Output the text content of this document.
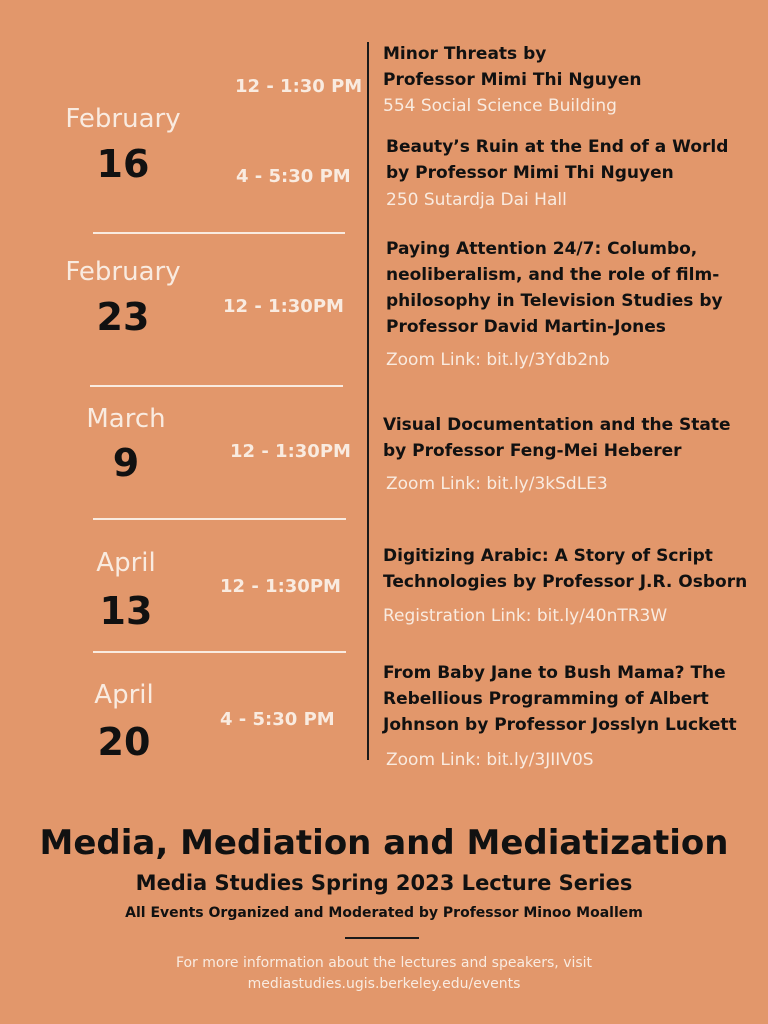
February
16
February
23
March
9
April
13
April
20
12 - 1:30 PM
4 - 5:30 PM
12 - 1:30PM
12 - 1:30PM
12 - 1:30PM
4 - 5:30 PM
Minor Threats by
Professor Mimi Thi Nguyen
554 Social Science Building
Beauty’s Ruin at the End of a World
by Professor Mimi Thi Nguyen
250 Sutardja Dai Hall
Paying Attention 24/7: Columbo,
neoliberalism, and the role of film-
philosophy in Television Studies by
Professor David Martin-Jones
Zoom Link: bit.ly/3Ydb2nb
Visual Documentation and the State
by Professor Feng-Mei Heberer
Zoom Link: bit.ly/3kSdLE3
Digitizing Arabic: A Story of Script
Technologies by Professor J.R. Osborn
Registration Link: bit.ly/40nTR3W
From Baby Jane to Bush Mama? The
Rebellious Programming of Albert
Johnson by Professor Josslyn Luckett
Zoom Link: bit.ly/3JIIV0S
Media, Mediation and Mediatization
Media Studies Spring 2023 Lecture Series
All Events Organized and Moderated by Professor Minoo Moallem
For more information about the lectures and speakers, visit
mediastudies.ugis.berkeley.edu/events
